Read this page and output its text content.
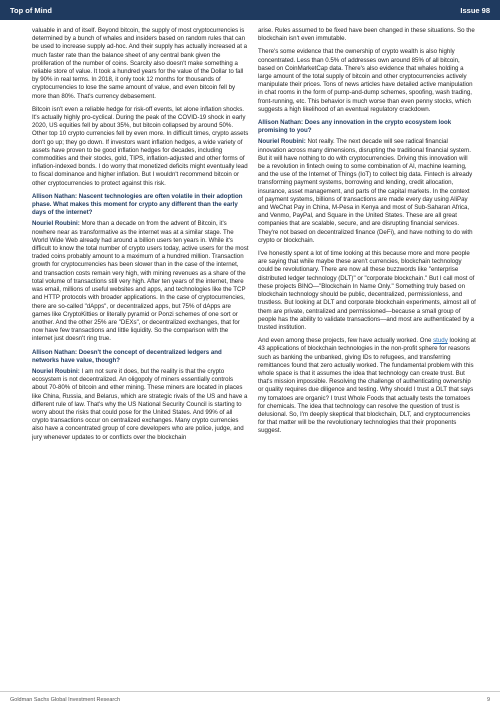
Top of Mind	Issue 98

valuable in and of itself. Beyond bitcoin, the supply of most cryptocurrencies is determined by a bunch of whales and insiders based on random rules that can be used to increase supply ad-hoc. And their supply has actually increased at a much faster rate than the balance sheet of any central bank given the proliferation of the number of coins. Scarcity also doesn't make something a reliable store of value. It took a hundred years for the value of the Dollar to fall by 90% in real terms. In 2018, it only took 12 months for thousands of cryptocurrencies to lose the same amount of value, and even bitcoin fell by more than 80%. That's currency debasement.

Bitcoin isn't even a reliable hedge for risk-off events, let alone inflation shocks. It's actually highly pro-cyclical. During the peak of the COVID-19 shock in early 2020, US equities fell by about 35%, but bitcoin collapsed by around 50%. Other top 10 crypto currencies fell by even more. In difficult times, crypto assets don't go up; they go down. If investors want inflation hedges, a wide variety of assets have proven to be good inflation hedges for decades, including commodities and their stocks, gold, TIPS, inflation-adjusted and other forms of inflation-indexed bonds. I do worry that monetized deficits might eventually lead to fiscal dominance and higher inflation. But I wouldn't recommend bitcoin or other cryptocurrencies to protect against this risk.

Allison Nathan: Nascent technologies are often volatile in their adoption phase. What makes this moment for crypto any different than the early days of the internet?

Nouriel Roubini: More than a decade on from the advent of Bitcoin, it's nowhere near as transformative as the internet was at a similar stage. The World Wide Web already had around a billion users ten years in. While it's difficult to know the total number of crypto users today, active users for the most traded coins probably amount to a maximum of a hundred million. Transaction growth for cryptocurrencies has been slower than in the case of the internet, and transaction costs remain very high, with mining revenues as a share of the total volume of transactions still very high. After ten years of the internet, there was email, millions of useful websites and apps, and technologies like the TCP and HTTP protocols with broader applications. In the case of cryptocurrencies, there are so-called "dApps", or decentralized apps, but 75% of dApps are games like CryptoKitties or literally pyramid or Ponzi schemes of one sort or another. And the other 25% are "DEXs", or decentralized exchanges, that for now have few transactions and little liquidity. So the comparison with the internet just doesn't ring true.

Allison Nathan: Doesn't the concept of decentralized ledgers and networks have value, though?

Nouriel Roubini: I am not sure it does, but the reality is that the crypto ecosystem is not decentralized. An oligopoly of miners essentially controls about 70-80% of bitcoin and ether mining. These miners are located in places like China, Russia, and Belarus, which are strategic rivals of the US and have a different rule of law. That's why the US National Security Council is starting to worry about the risks that could pose for the United States. And 99% of all crypto transactions occur on centralized exchanges. Many crypto currencies also have a concentrated group of core developers who are police, judge, and jury whenever updates to or conflicts over the blockchain

arise. Rules assumed to be fixed have been changed in these situations. So the blockchain isn't even immutable.

There's some evidence that the ownership of crypto wealth is also highly concentrated. Less than 0.5% of addresses own around 85% of all bitcoin, based on CoinMarketCap data. There's also evidence that whales holding a large amount of the total supply of bitcoin and other cryptocurrencies actively manipulate their prices. Tons of news articles have detailed active manipulation in chat rooms in the form of pump-and-dump schemes, spoofing, wash trading, front-running, etc. This behavior is much worse than even penny stocks, which suggests a high likelihood of an eventual regulatory crackdown.

Allison Nathan: Does any innovation in the crypto ecosystem look promising to you?

Nouriel Roubini: Not really. The next decade will see radical financial innovation across many dimensions, disrupting the traditional financial system. But it will have nothing to do with cryptocurrencies. Driving this innovation will be a revolution in fintech owing to some combination of AI, machine learning, and the use of the Internet of Things (IoT) to collect big data. Fintech is already transforming payment systems, borrowing and lending, credit allocation, insurance, asset management, and parts of the capital markets. In the context of payment systems, billions of transactions are made every day using AliPay and WeChat Pay in China, M-Pesa in Kenya and most of Sub-Saharan Africa, and Venmo, PayPal, and Square in the United States. These are all great companies that are scalable, secure, and are disrupting financial services. They're not based on decentralized finance (DeFi), and have nothing to do with crypto or blockchain.

I've honestly spent a lot of time looking at this because more and more people are saying that while maybe these aren't currencies, blockchain technology could be revolutionary. There are now all these buzzwords like "enterprise distributed ledger technology (DLT)" or "corporate blockchain." But I call most of these projects BINO—"Blockchain In Name Only." Something truly based on blockchain technology should be public, decentralized, permissionless, and trustless. But looking at DLT and corporate blockchain experiments, almost all of them are private, centralized and permissioned—because a small group of people has the ability to validate transactions—and most are authenticated by a trusted institution.

And even among these projects, few have actually worked. One study looking at 43 applications of blockchain technologies in the non-profit sphere for reasons such as banking the unbanked, giving IDs to refugees, and transferring remittances found that zero actually worked. The fundamental problem with this whole space is that it assumes the idea that technology can create trust. But that's mission impossible. Resolving the challenge of authenticating ownership or quality requires due diligence and testing. Why should I trust a DLT that says my tomatoes are organic? I trust Whole Foods that actually tests the tomatoes for chemicals. The idea that technology can resolve the question of trust is delusional. So, I'm deeply skeptical that blockchain, DLT, and cryptocurrencies for that matter will be the revolutionary technologies that their proponents suggest.

Goldman Sachs Global Investment Research	9
